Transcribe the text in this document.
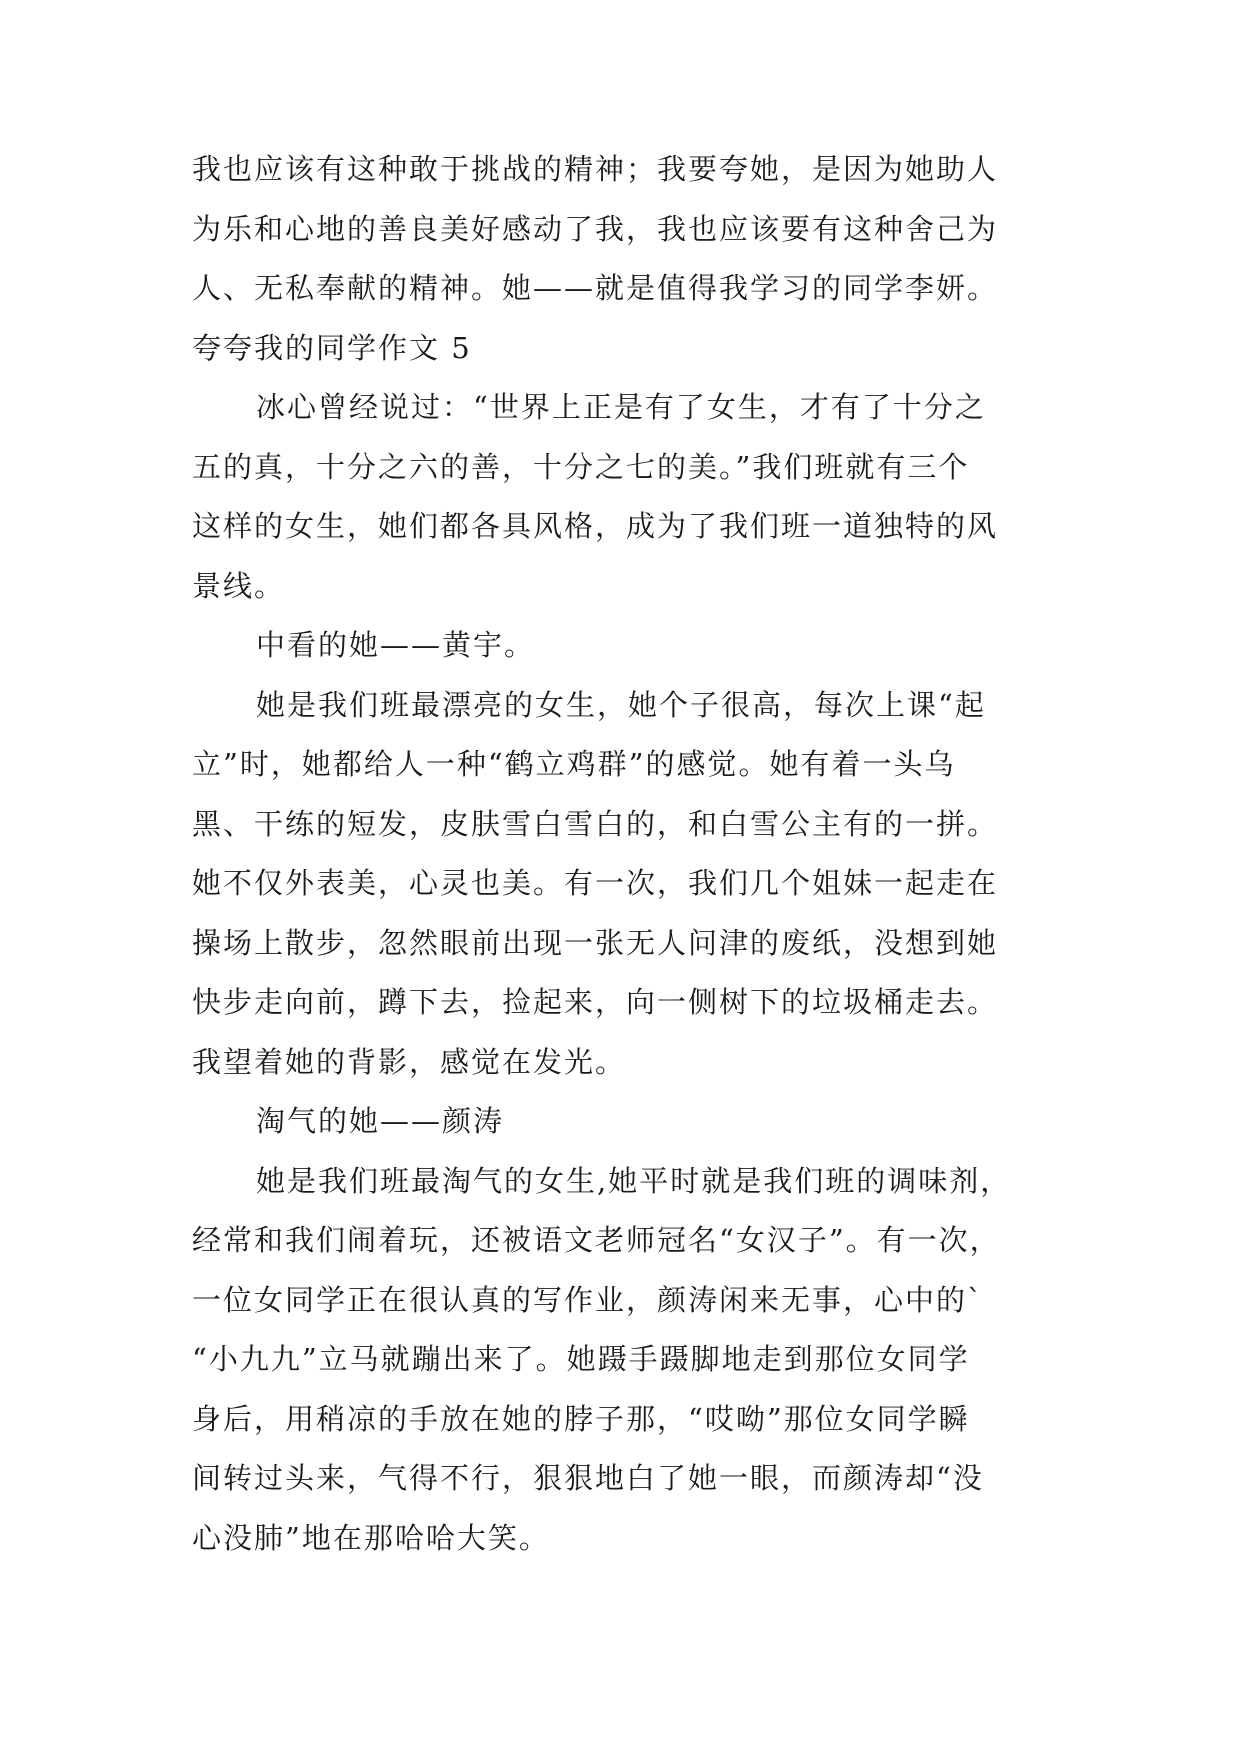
我也应该有这种敢于挑战的精神；我要夸她，是因为她助人
为乐和心地的善良美好感动了我，我也应该要有这种舍己为
人、无私奉献的精神。她——就是值得我学习的同学李妍。
夸夸我的同学作文 5
冰心曾经说过：“世界上正是有了女生，才有了十分之
五的真，十分之六的善，十分之七的美。”我们班就有三个
这样的女生，她们都各具风格，成为了我们班一道独特的风
景线。
中看的她——黄宇。
她是我们班最漂亮的女生，她个子很高，每次上课“起
立”时，她都给人一种“鹤立鸡群”的感觉。她有着一头乌
黑、干练的短发，皮肤雪白雪白的，和白雪公主有的一拼。
她不仅外表美，心灵也美。有一次，我们几个姐妹一起走在
操场上散步，忽然眼前出现一张无人问津的废纸，没想到她
快步走向前，蹲下去，捡起来，向一侧树下的垃圾桶走去。
我望着她的背影，感觉在发光。
淘气的她——颜涛
她是我们班最淘气的女生,她平时就是我们班的调味剂，
经常和我们闹着玩，还被语文老师冠名“女汉子”。有一次，
一位女同学正在很认真的写作业，颜涛闲来无事，心中的`
“小九九”立马就蹦出来了。她蹑手蹑脚地走到那位女同学
身后，用稍凉的手放在她的脖子那，“哎呦”那位女同学瞬
间转过头来，气得不行，狠狠地白了她一眼，而颜涛却“没
心没肺”地在那哈哈大笑。
